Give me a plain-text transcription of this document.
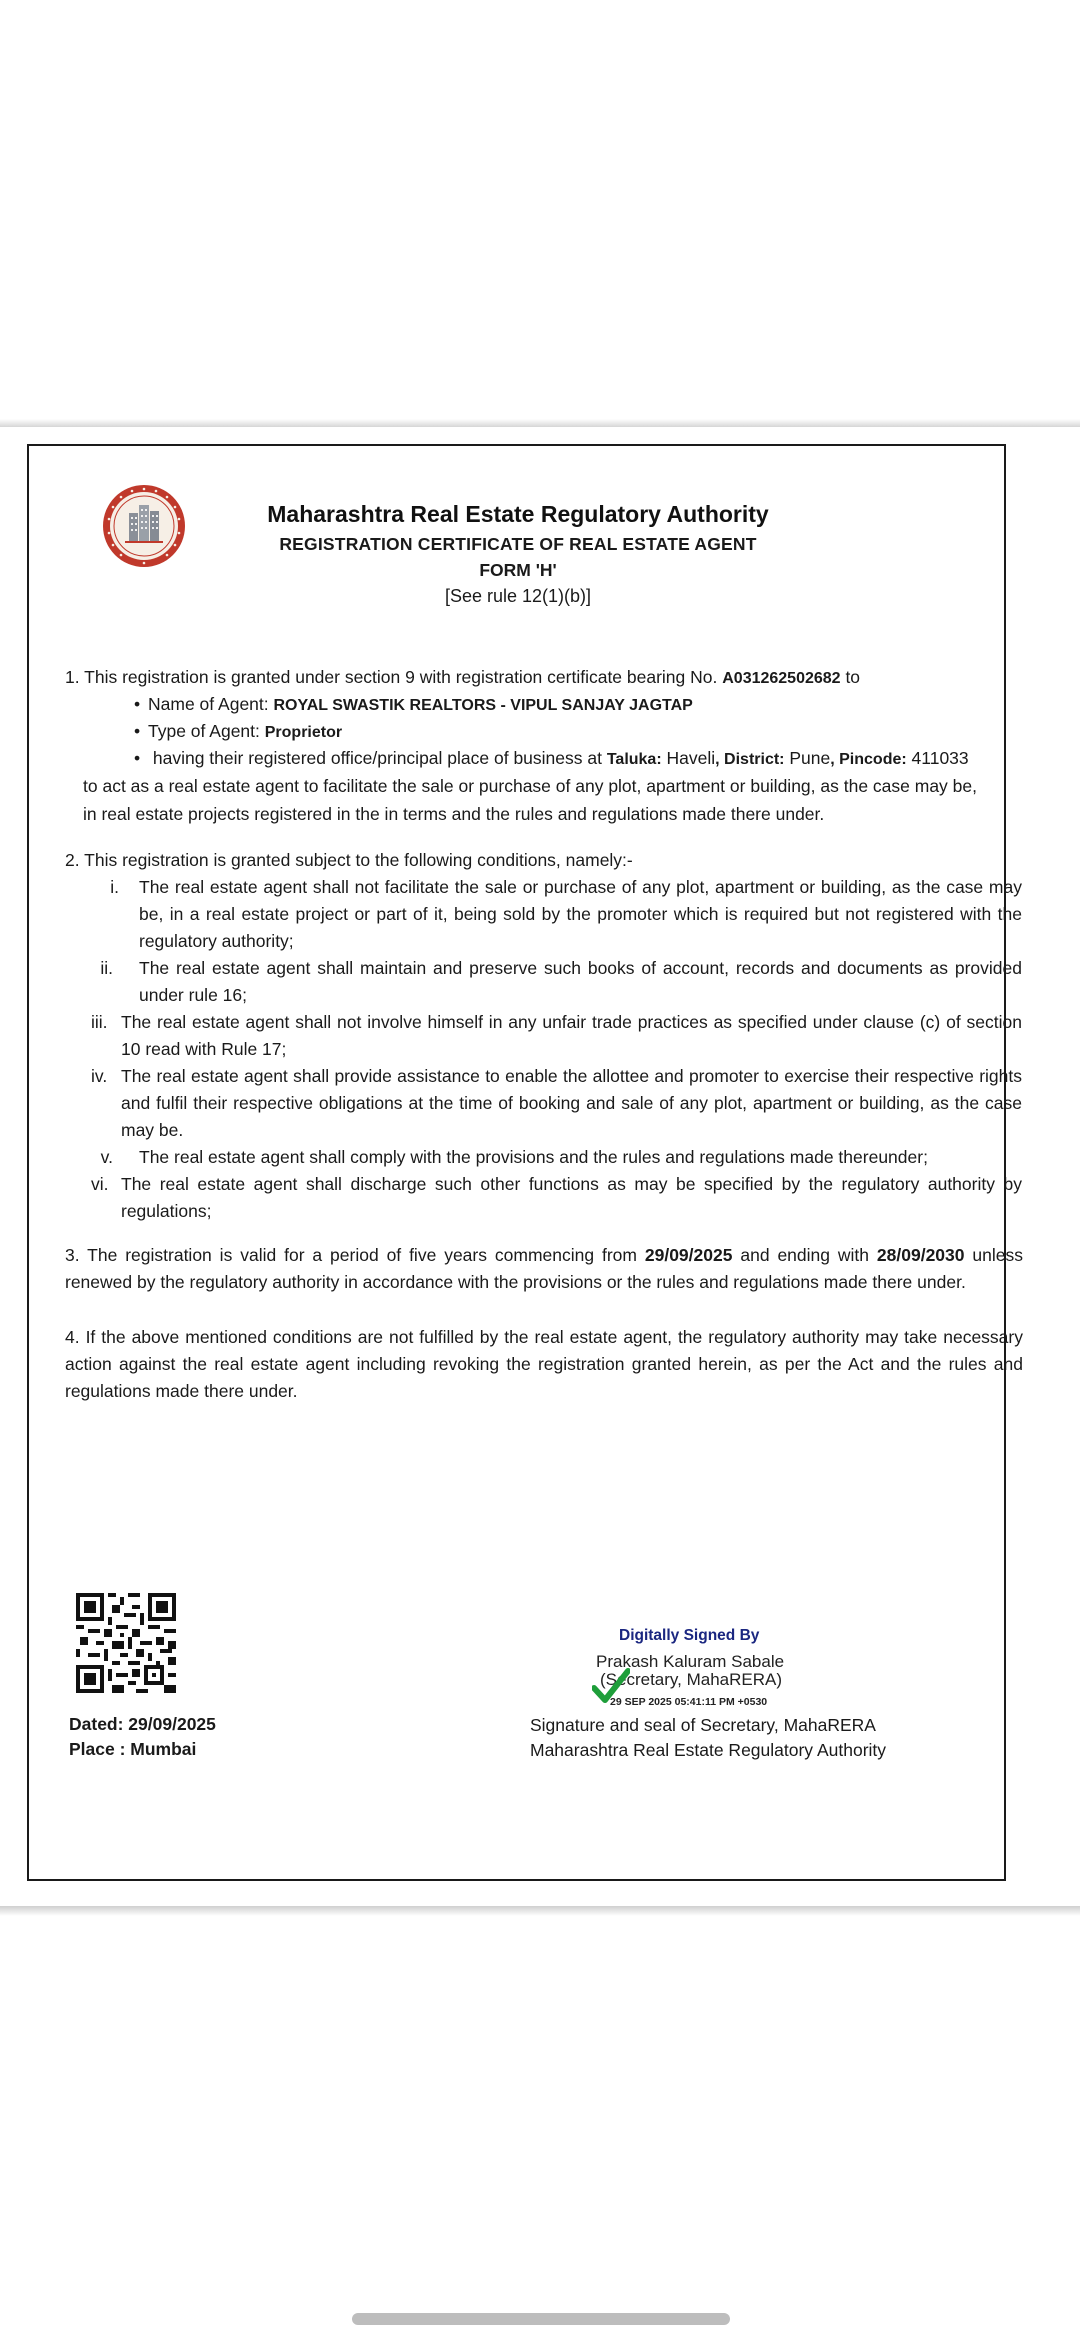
Maharashtra Real Estate Regulatory Authority
REGISTRATION CERTIFICATE OF REAL ESTATE AGENT
FORM 'H'
[See rule 12(1)(b)]
1. This registration is granted under section 9 with registration certificate bearing No. A031262502682 to
• Name of Agent: ROYAL SWASTIK REALTORS - VIPUL SANJAY JAGTAP
• Type of Agent: Proprietor
• having their registered office/principal place of business at Taluka: Haveli, District: Pune, Pincode: 411033
to act as a real estate agent to facilitate the sale or purchase of any plot, apartment or building, as the case may be,
in real estate projects registered in the in terms and the rules and regulations made there under.
2. This registration is granted subject to the following conditions, namely:-
i. The real estate agent shall not facilitate the sale or purchase of any plot, apartment or building, as the case may be, in a real estate project or part of it, being sold by the promoter which is required but not registered with the regulatory authority;
ii. The real estate agent shall maintain and preserve such books of account, records and documents as provided under rule 16;
iii. The real estate agent shall not involve himself in any unfair trade practices as specified under clause (c) of section 10 read with Rule 17;
iv. The real estate agent shall provide assistance to enable the allottee and promoter to exercise their respective rights and fulfil their respective obligations at the time of booking and sale of any plot, apartment or building, as the case may be.
v. The real estate agent shall comply with the provisions and the rules and regulations made thereunder;
vi. The real estate agent shall discharge such other functions as may be specified by the regulatory authority by regulations;
3. The registration is valid for a period of five years commencing from 29/09/2025 and ending with 28/09/2030 unless renewed by the regulatory authority in accordance with the provisions or the rules and regulations made there under.
4. If the above mentioned conditions are not fulfilled by the real estate agent, the regulatory authority may take necessary action against the real estate agent including revoking the registration granted herein, as per the Act and the rules and regulations made there under.
Dated: 29/09/2025
Place : Mumbai
Digitally Signed By
Prakash Kaluram Sabale
(Secretary, MahaRERA)
29 SEP 2025 05:41:11 PM +0530
Signature and seal of Secretary, MahaRERA
Maharashtra Real Estate Regulatory Authority
